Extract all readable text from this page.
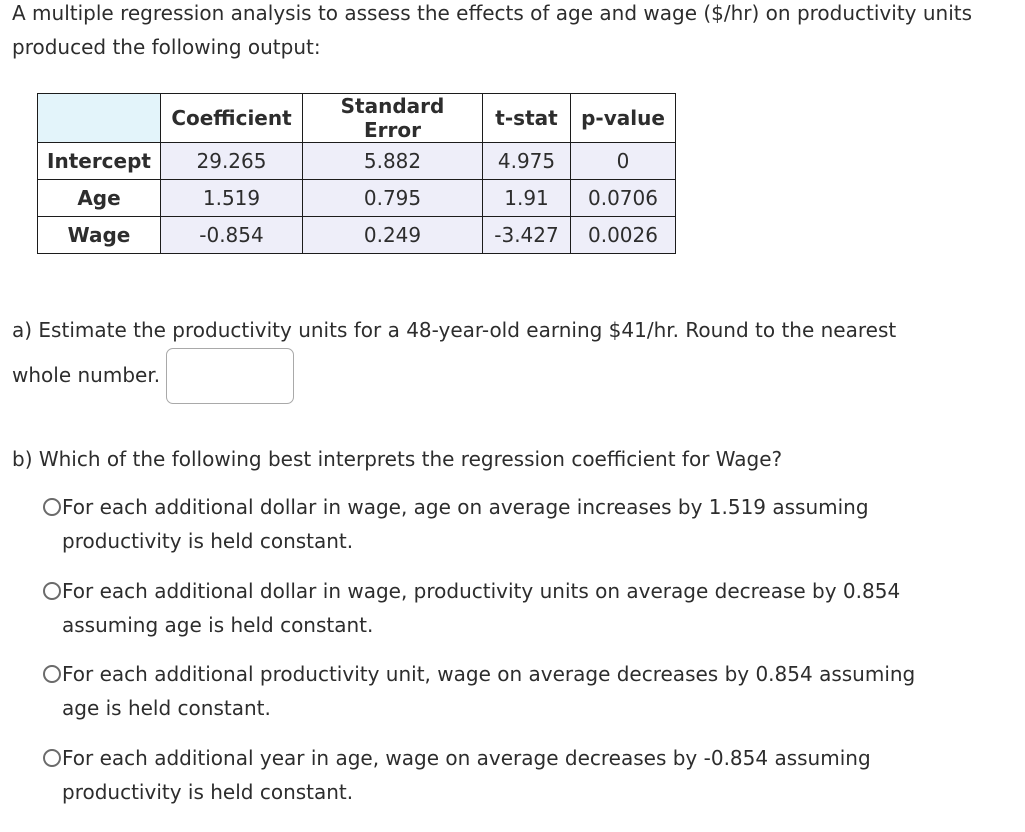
A multiple regression analysis to assess the effects of age and wage ($/hr) on productivity units produced the following output:

	Coefficient	Standard Error	t-stat	p-value
Intercept	29.265	5.882	4.975	0
Age	1.519	0.795	1.91	0.0706
Wage	-0.854	0.249	-3.427	0.0026

a) Estimate the productivity units for a 48-year-old earning $41/hr. Round to the nearest

whole number.

b) Which of the following best interprets the regression coefficient for Wage?

For each additional dollar in wage, age on average increases by 1.519 assuming productivity is held constant.
For each additional dollar in wage, productivity units on average decrease by 0.854 assuming age is held constant.
For each additional productivity unit, wage on average decreases by 0.854 assuming age is held constant.
For each additional year in age, wage on average decreases by -0.854 assuming productivity is held constant.
